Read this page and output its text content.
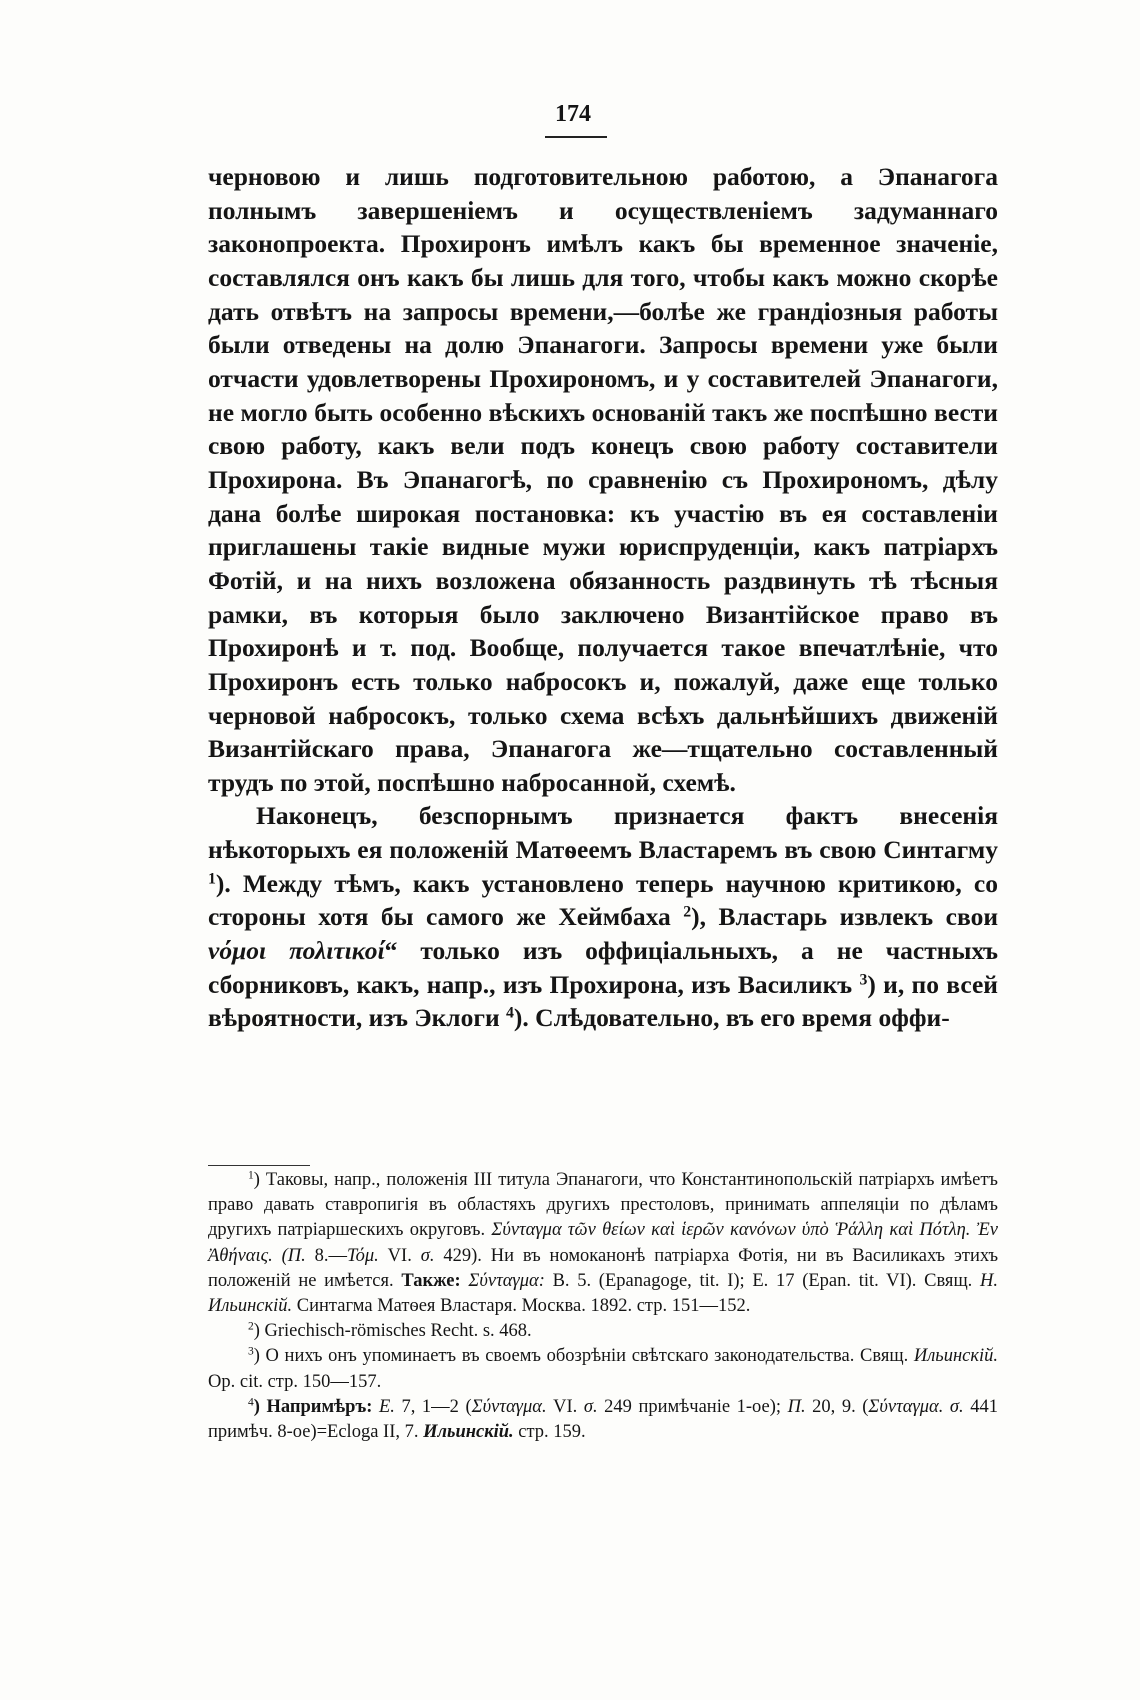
174

черновою и лишь подготовительною работою, а Эпанагога полнымъ завершеніемъ и осуществленіемъ задуманнаго законопроекта. Прохиронъ имѣлъ какъ бы временное значеніе, составлялся онъ какъ бы лишь для того, чтобы какъ можно скорѣе дать отвѣтъ на запросы времени,—болѣе же грандіозныя работы были отведены на долю Эпанагоги. Запросы времени уже были отчасти удовлетворены Прохирономъ, и у составителей Эпанагоги, не могло быть особенно вѣскихъ основаній такъ же поспѣшно вести свою работу, какъ вели подъ конецъ свою работу составители Прохирона. Въ Эпанагогѣ, по сравненію съ Прохирономъ, дѣлу дана болѣе широкая постановка: къ участію въ ея составленіи приглашены такіе видные мужи юриспруденціи, какъ патріархъ Фотій, и на нихъ возложена обязанность раздвинуть тѣ тѣсныя рамки, въ которыя было заключено Византійское право въ Прохиронѣ и т. под. Вообще, получается такое впечатлѣніе, что Прохиронъ есть только набросокъ и, пожалуй, даже еще только черновой набросокъ, только схема всѣхъ дальнѣйшихъ движеній Византійскаго права, Эпанагога же—тщательно составленный трудъ по этой, поспѣшно набросанной, схемѣ.

Наконецъ, безспорнымъ признается фактъ внесенія нѣкоторыхъ ея положеній Матѳеемъ Властаремъ въ свою Синтагму $^1$). Между тѣмъ, какъ установлено теперь научною критикою, со стороны хотя бы самого же Хеймбаха $^2$), Властарь извлекъ свои νόμοι πολιτικοί“ только изъ оффиціальныхъ, а не частныхъ сборниковъ, какъ, напр., изъ Прохирона, изъ Василикъ $^3$) и, по всей вѣроятности, изъ Эклоги $^4$). Слѣдовательно, въ его время оффи-

$^1$) Таковы, напр., положенія III титула Эпанагоги, что Константинопольскій патріархъ имѣетъ право давать ставропигія въ областяхъ другихъ престоловъ, принимать аппеляціи по дѣламъ другихъ патріаршескихъ округовъ. Σύνταγμα τῶν θείων καὶ ἱερῶν κανόνων ὑπὸ Ῥάλλη καὶ Πότλη. Ἐν Ἀθήναις. (Π. 8.—Τόμ. VI. σ. 429). Ни въ номоканонѣ патріарха Фотія, ни въ Василикахъ этихъ положеній не имѣется. Также: Σύνταγμα: В. 5. (Epanagoge, tit. I); Е. 17 (Epan. tit. VI). Свящ. Н. Ильинскій. Синтагма Матѳея Властаря. Москва. 1892. стр. 151—152.

$^2$) Griechisch-römisches Recht. s. 468.

$^3$) О нихъ онъ упоминаетъ въ своемъ обозрѣніи свѣтскаго законодательства. Свящ. Ильинскій. Op. cit. стр. 150—157.

$^4$) Напримѣръ: Е. 7, 1—2 (Σύνταγμα. VI. σ. 249 примѣчаніе 1-ое); П. 20, 9. (Σύνταγμα. σ. 441 примѣч. 8-ое)=Ecloga II, 7. Ильинскій. стр. 159.
